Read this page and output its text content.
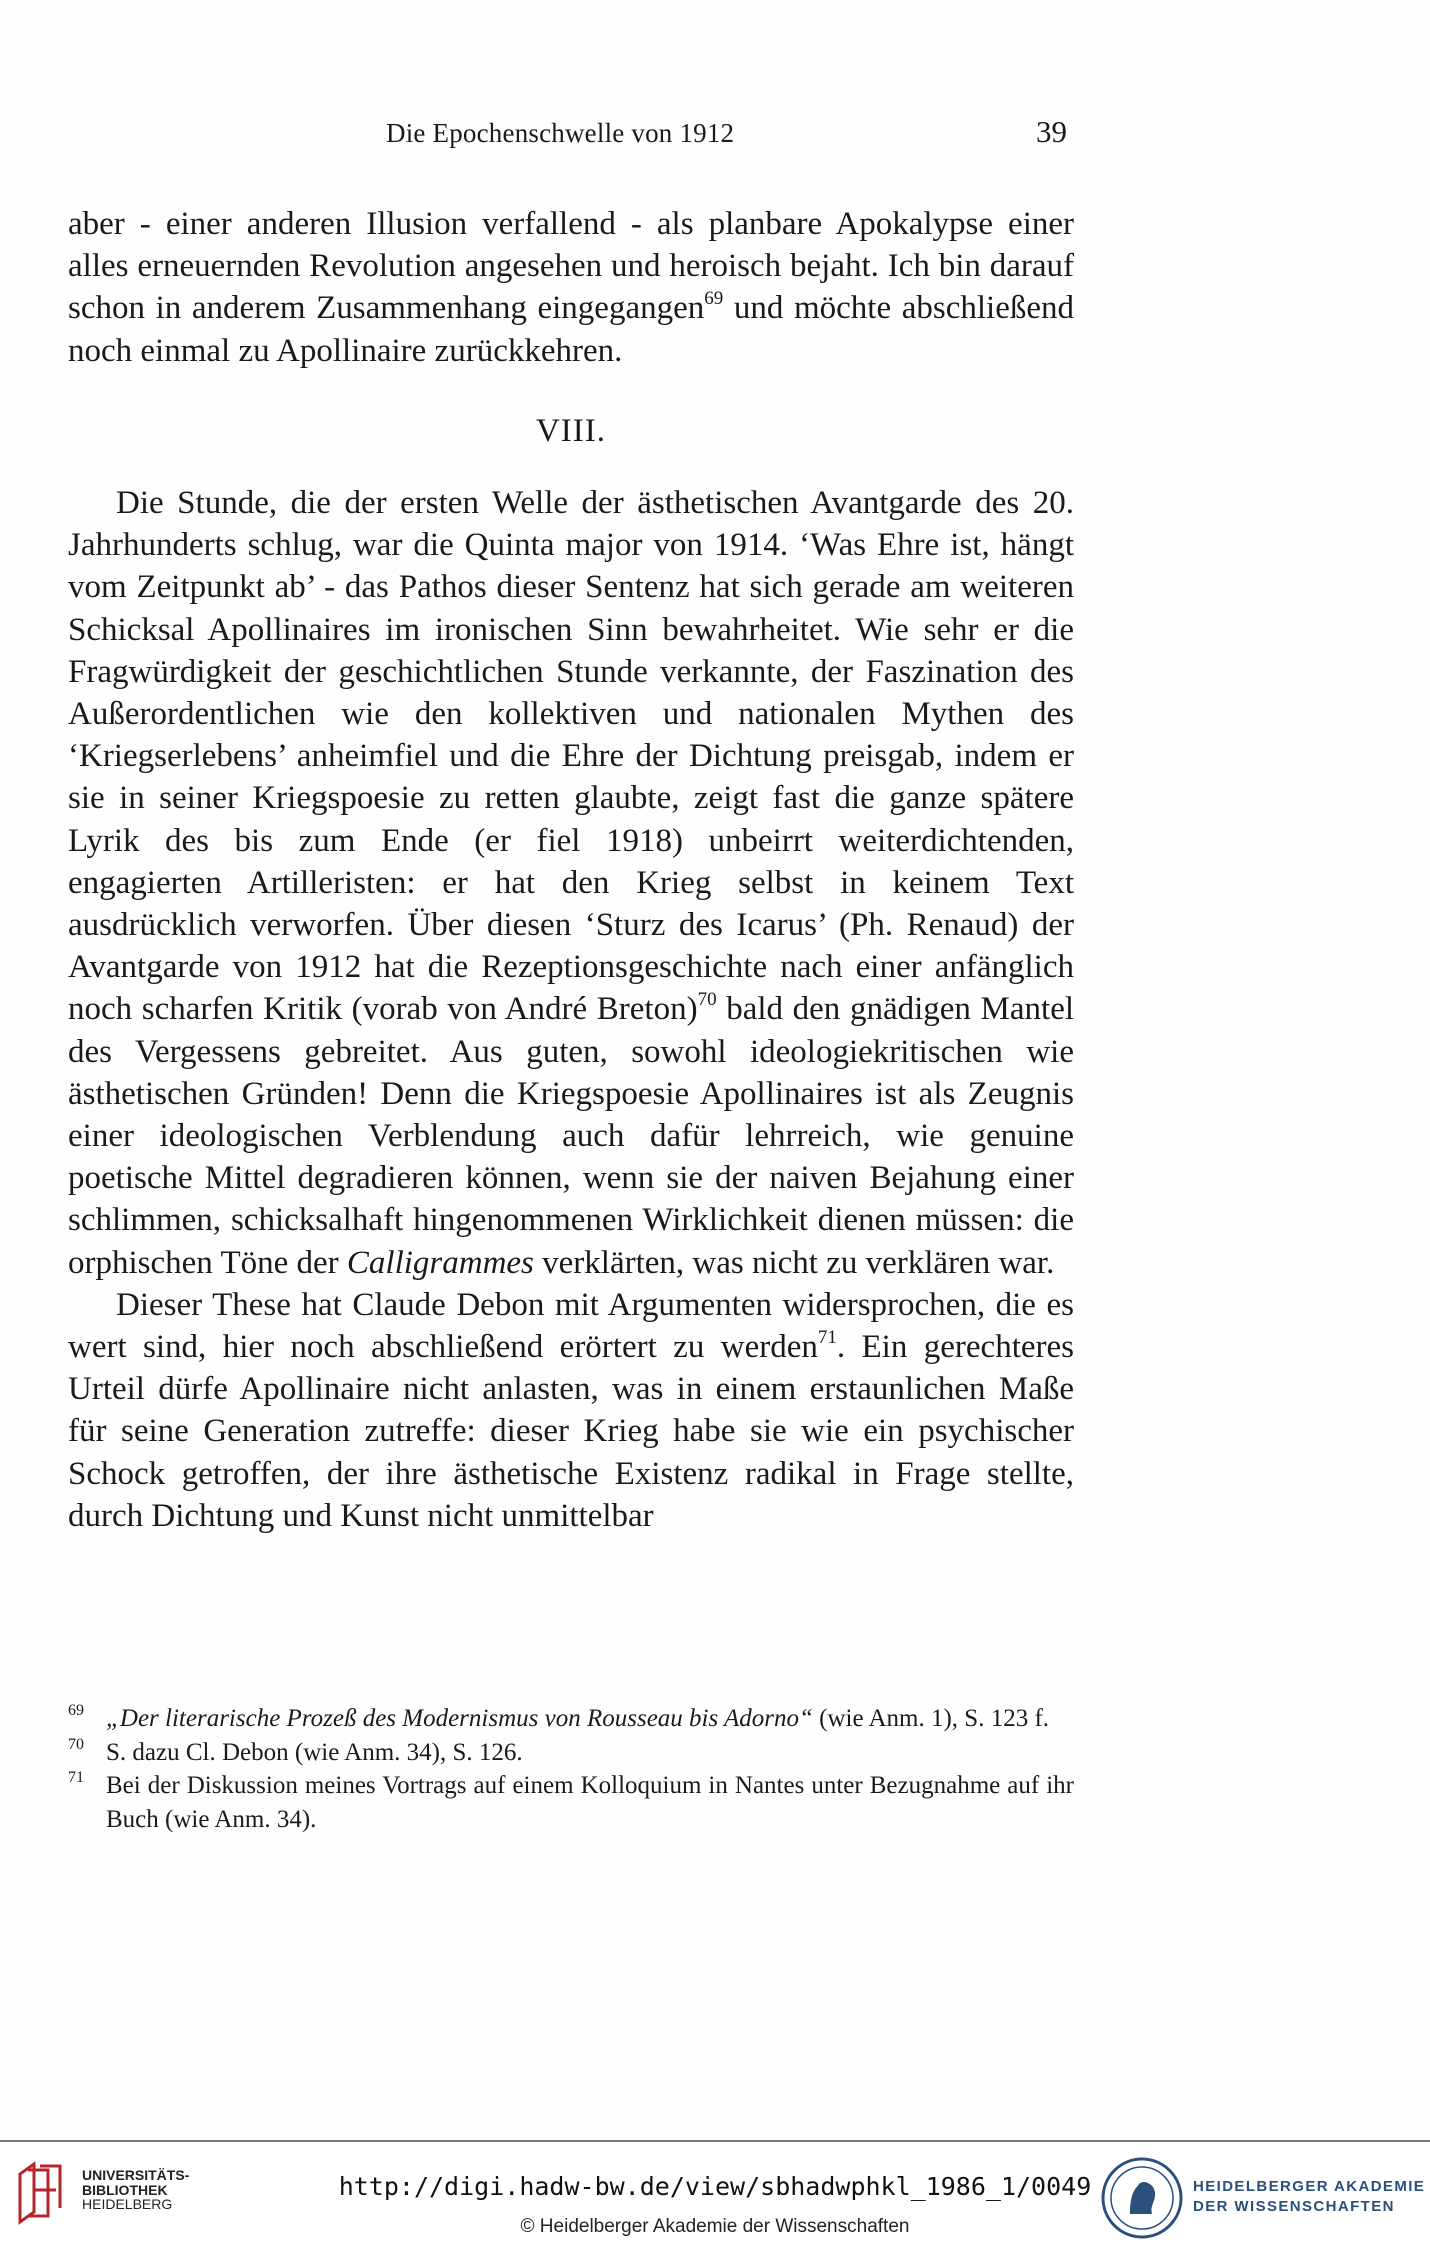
Die Epochenschwelle von 1912	39

aber - einer anderen Illusion verfallend - als planbare Apokalypse einer alles erneuernden Revolution angesehen und heroisch bejaht. Ich bin darauf schon in anderem Zusammenhang eingegangen$^{69}$ und möchte abschließend noch einmal zu Apollinaire zurückkehren.

VIII.

Die Stunde, die der ersten Welle der ästhetischen Avantgarde des 20. Jahrhunderts schlug, war die Quinta major von 1914. ‘Was Ehre ist, hängt vom Zeitpunkt ab’ - das Pathos dieser Sentenz hat sich gerade am weiteren Schicksal Apollinaires im ironischen Sinn bewahrheitet. Wie sehr er die Fragwürdigkeit der geschichtlichen Stunde verkannte, der Faszination des Außerordentlichen wie den kollektiven und nationalen Mythen des ‘Kriegserlebens’ anheimfiel und die Ehre der Dichtung preisgab, indem er sie in seiner Kriegspoesie zu retten glaubte, zeigt fast die ganze spätere Lyrik des bis zum Ende (er fiel 1918) unbeirrt weiterdichtenden, engagierten Artilleristen: er hat den Krieg selbst in keinem Text ausdrücklich verworfen. Über diesen ‘Sturz des Icarus’ (Ph. Renaud) der Avantgarde von 1912 hat die Rezeptionsgeschichte nach einer anfänglich noch scharfen Kritik (vorab von André Breton)$^{70}$ bald den gnädigen Mantel des Vergessens gebreitet. Aus guten, sowohl ideologiekritischen wie ästhetischen Gründen! Denn die Kriegspoesie Apollinaires ist als Zeugnis einer ideologischen Verblendung auch dafür lehrreich, wie genuine poetische Mittel degradieren können, wenn sie der naiven Bejahung einer schlimmen, schicksalhaft hingenommenen Wirklichkeit dienen müssen: die orphischen Töne der Calligrammes verklärten, was nicht zu verklären war.

Dieser These hat Claude Debon mit Argumenten widersprochen, die es wert sind, hier noch abschließend erörtert zu werden$^{71}$. Ein gerechteres Urteil dürfe Apollinaire nicht anlasten, was in einem erstaunlichen Maße für seine Generation zutreffe: dieser Krieg habe sie wie ein psychischer Schock getroffen, der ihre ästhetische Existenz radikal in Frage stellte, durch Dichtung und Kunst nicht unmittelbar

69 „Der literarische Prozeß des Modernismus von Rousseau bis Adorno“ (wie Anm. 1), S. 123 f.

70 S. dazu Cl. Debon (wie Anm. 34), S. 126.

71 Bei der Diskussion meines Vortrags auf einem Kolloquium in Nantes unter Bezugnahme auf ihr Buch (wie Anm. 34).

UNIVERSITÄTS-
BIBLIOTHEK
HEIDELBERG
http://digi.hadw-bw.de/view/sbhadwphkl_1986_1/0049
© Heidelberger Akademie der Wissenschaften
HEIDELBERGER AKADEMIE
DER WISSENSCHAFTEN
